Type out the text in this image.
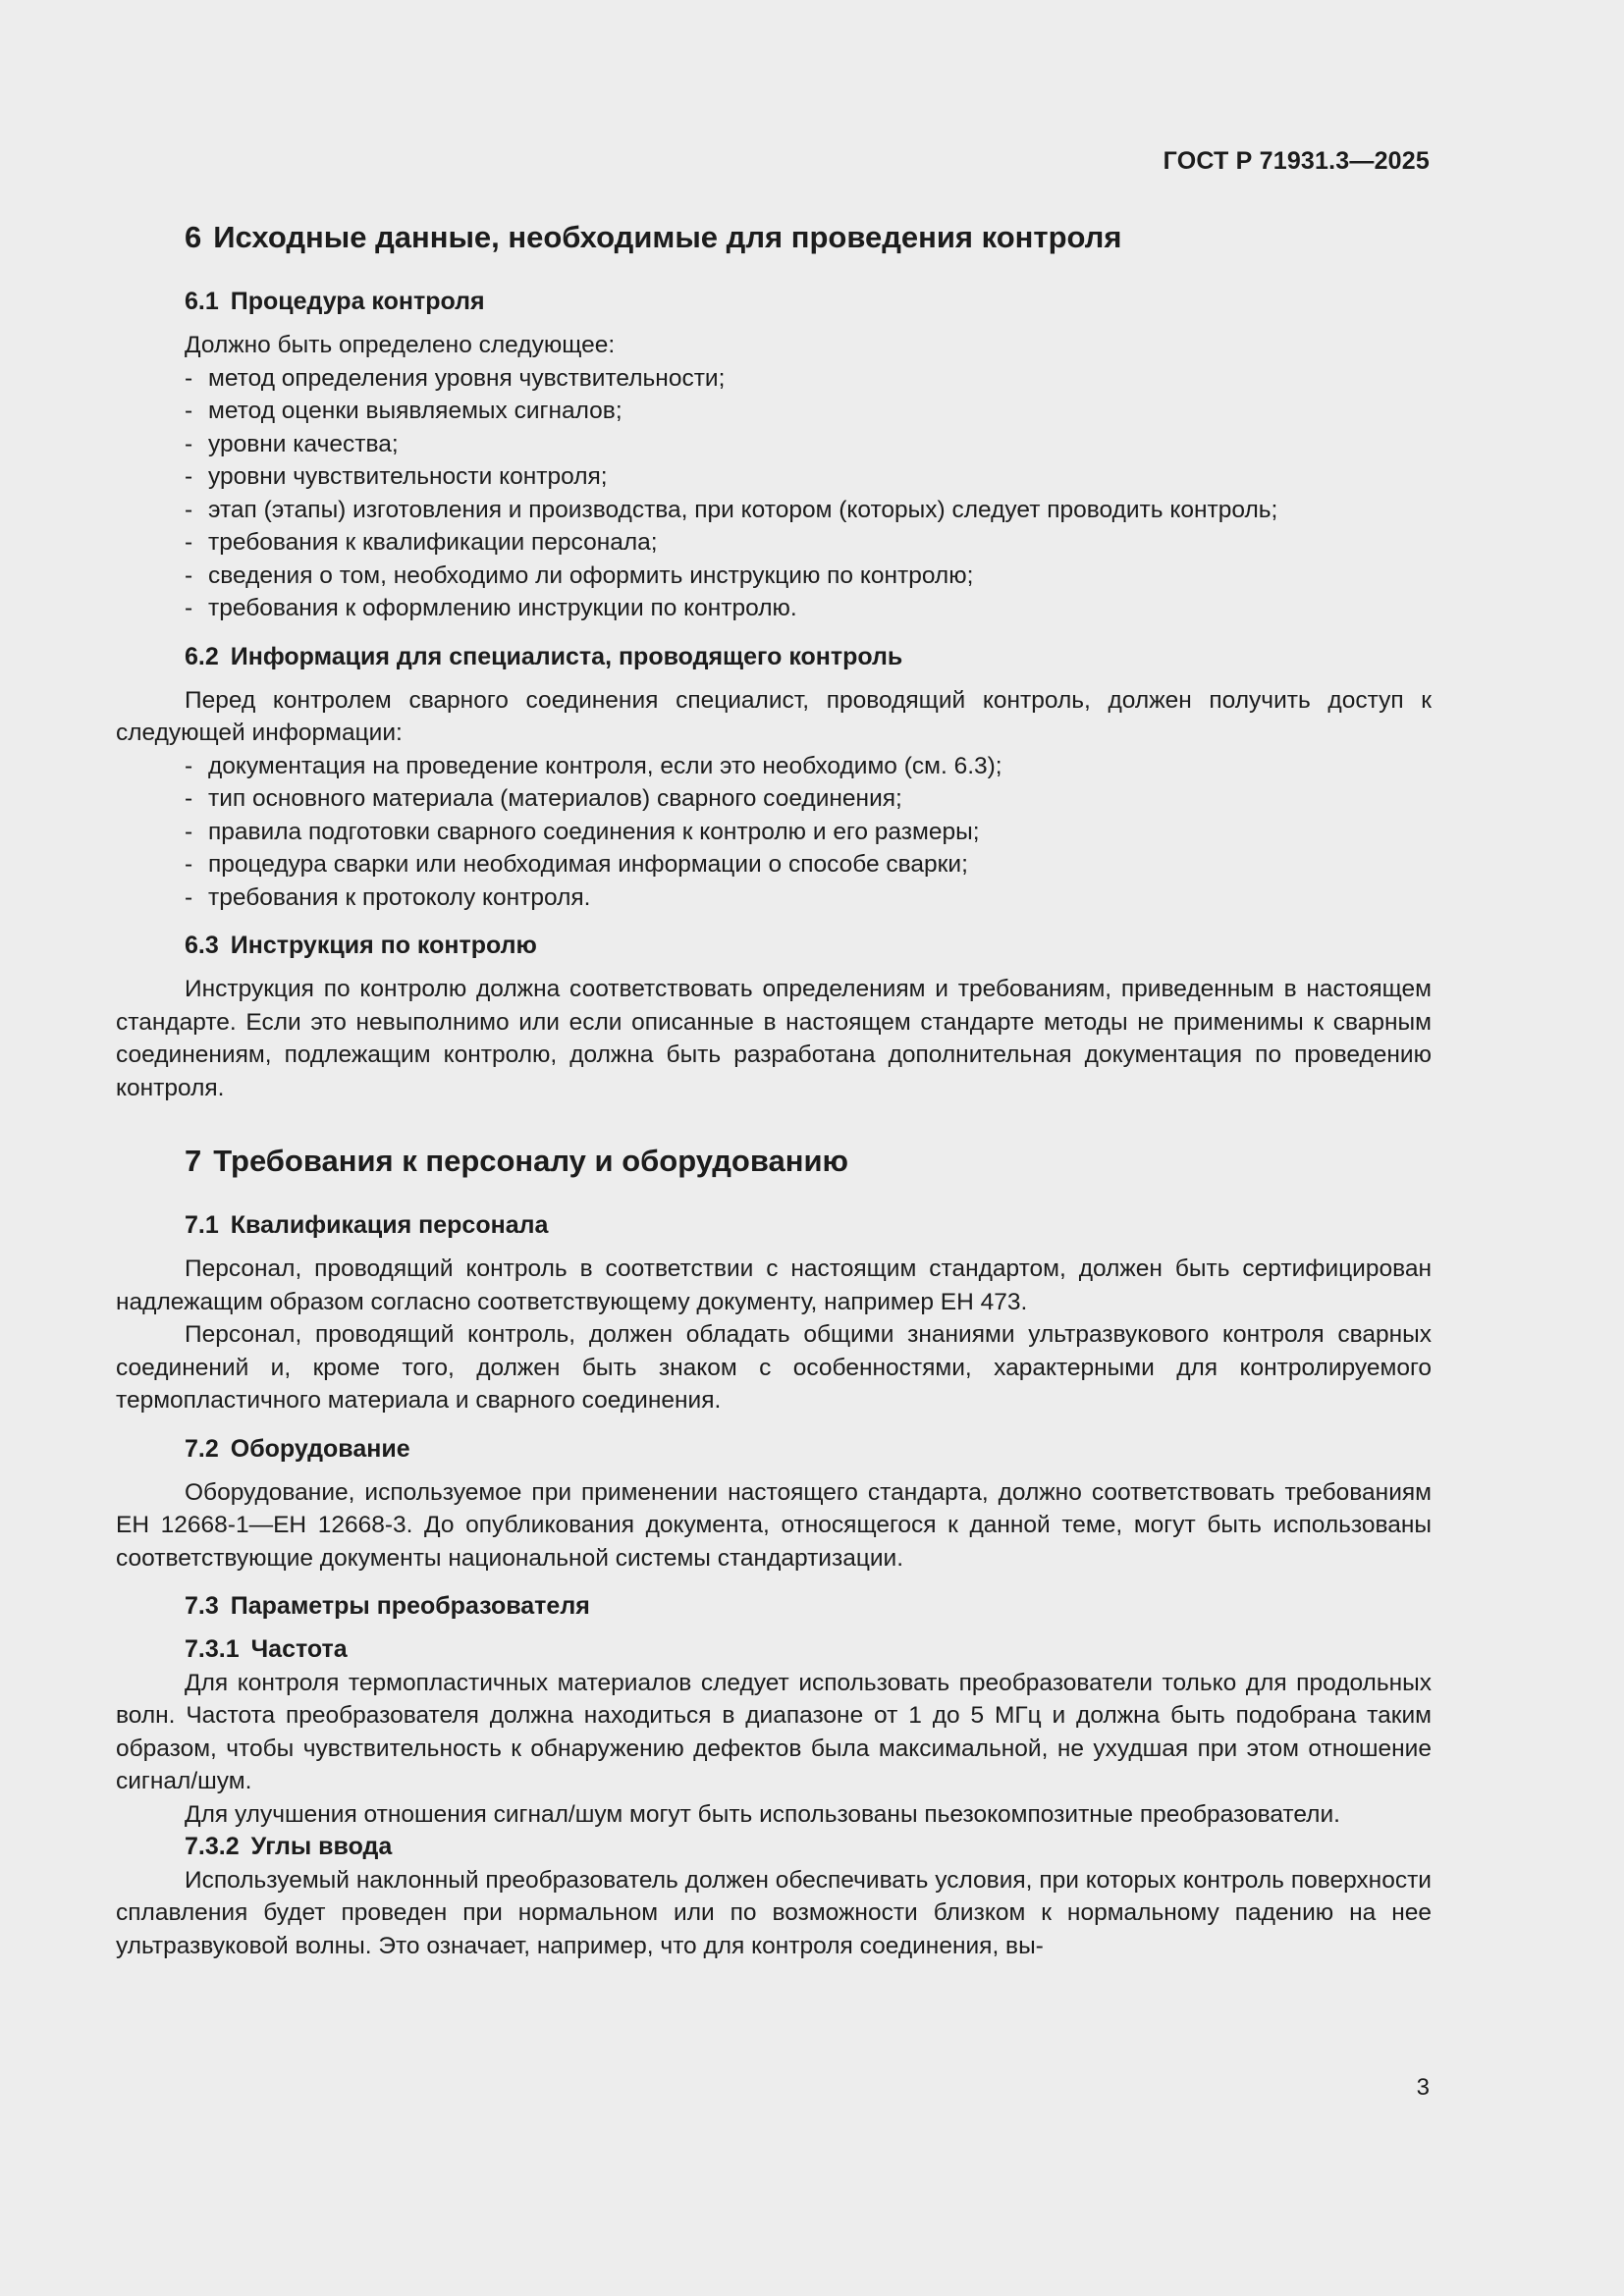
ГОСТ Р 71931.3—2025
6 Исходные данные, необходимые для проведения контроля
6.1 Процедура контроля

Должно быть определено следующее:

- метод определения уровня чувствительности;
- метод оценки выявляемых сигналов;
- уровни качества;
- уровни чувствительности контроля;
- этап (этапы) изготовления и производства, при котором (которых) следует проводить контроль;
- требования к квалификации персонала;
- сведения о том, необходимо ли оформить инструкцию по контролю;
- требования к оформлению инструкции по контролю.
6.2 Информация для специалиста, проводящего контроль

Перед контролем сварного соединения специалист, проводящий контроль, должен получить доступ к следующей информации:

- документация на проведение контроля, если это необходимо (см. 6.3);
- тип основного материала (материалов) сварного соединения;
- правила подготовки сварного соединения к контролю и его размеры;
- процедура сварки или необходимая информации о способе сварки;
- требования к протоколу контроля.
6.3 Инструкция по контролю

Инструкция по контролю должна соответствовать определениям и требованиям, приведенным в настоящем стандарте. Если это невыполнимо или если описанные в настоящем стандарте методы не применимы к сварным соединениям, подлежащим контролю, должна быть разработана дополнительная документация по проведению контроля.

7 Требования к персоналу и оборудованию
7.1 Квалификация персонала

Персонал, проводящий контроль в соответствии с настоящим стандартом, должен быть сертифицирован надлежащим образом согласно соответствующему документу, например ЕН 473.

Персонал, проводящий контроль, должен обладать общими знаниями ультразвукового контроля сварных соединений и, кроме того, должен быть знаком с особенностями, характерными для контролируемого термопластичного материала и сварного соединения.

7.2 Оборудование

Оборудование, используемое при применении настоящего стандарта, должно соответствовать требованиям ЕН 12668-1—ЕН 12668-3. До опубликования документа, относящегося к данной теме, могут быть использованы соответствующие документы национальной системы стандартизации.

7.3 Параметры преобразователя
7.3.1 Частота

Для контроля термопластичных материалов следует использовать преобразователи только для продольных волн. Частота преобразователя должна находиться в диапазоне от 1 до 5 МГц и должна быть подобрана таким образом, чтобы чувствительность к обнаружению дефектов была максимальной, не ухудшая при этом отношение сигнал/шум.

Для улучшения отношения сигнал/шум могут быть использованы пьезокомпозитные преобразователи.

7.3.2 Углы ввода

Используемый наклонный преобразователь должен обеспечивать условия, при которых контроль поверхности сплавления будет проведен при нормальном или по возможности близком к нормальному падению на нее ультразвуковой волны. Это означает, например, что для контроля соединения, вы-

3
